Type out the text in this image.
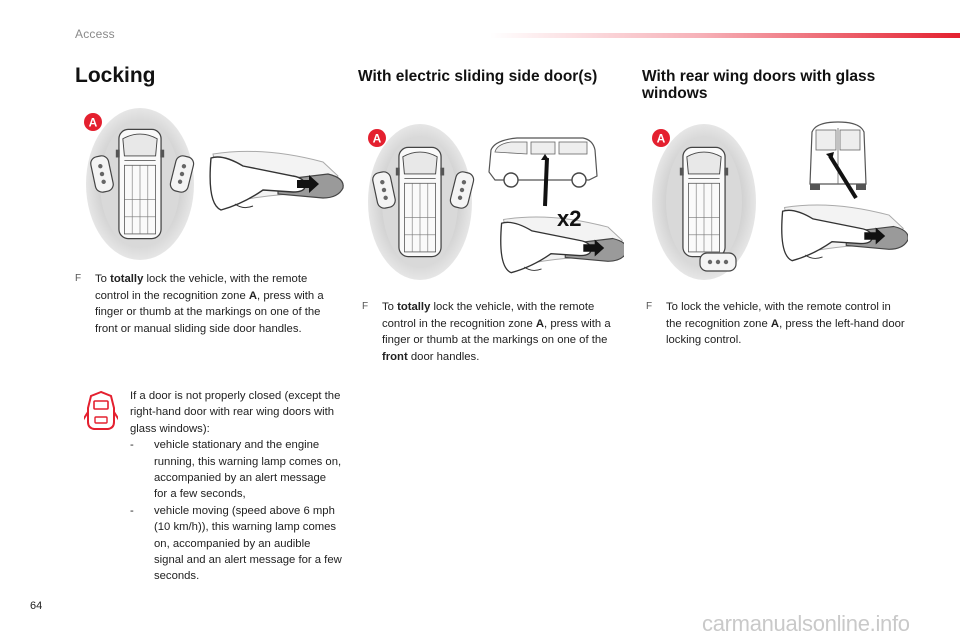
Access
Locking
A
F To totally lock the vehicle, with the remote control in the recognition zone A, press with a finger or thumb at the markings on one of the front or manual sliding side door handles.
If a door is not properly closed (except the right-hand door with rear wing doors with glass windows):
- vehicle stationary and the engine running, this warning lamp comes on, accompanied by an alert message for a few seconds,
- vehicle moving (speed above 6 mph (10 km/h)), this warning lamp comes on, accompanied by an audible signal and an alert message for a few seconds.
With electric sliding side door(s)
A
x2
F To totally lock the vehicle, with the remote control in the recognition zone A, press with a finger or thumb at the markings on one of the front door handles.
With rear wing doors with glass windows
A
F To lock the vehicle, with the remote control in the recognition zone A, press the left-hand door locking control.
64
carmanualsonline.info
